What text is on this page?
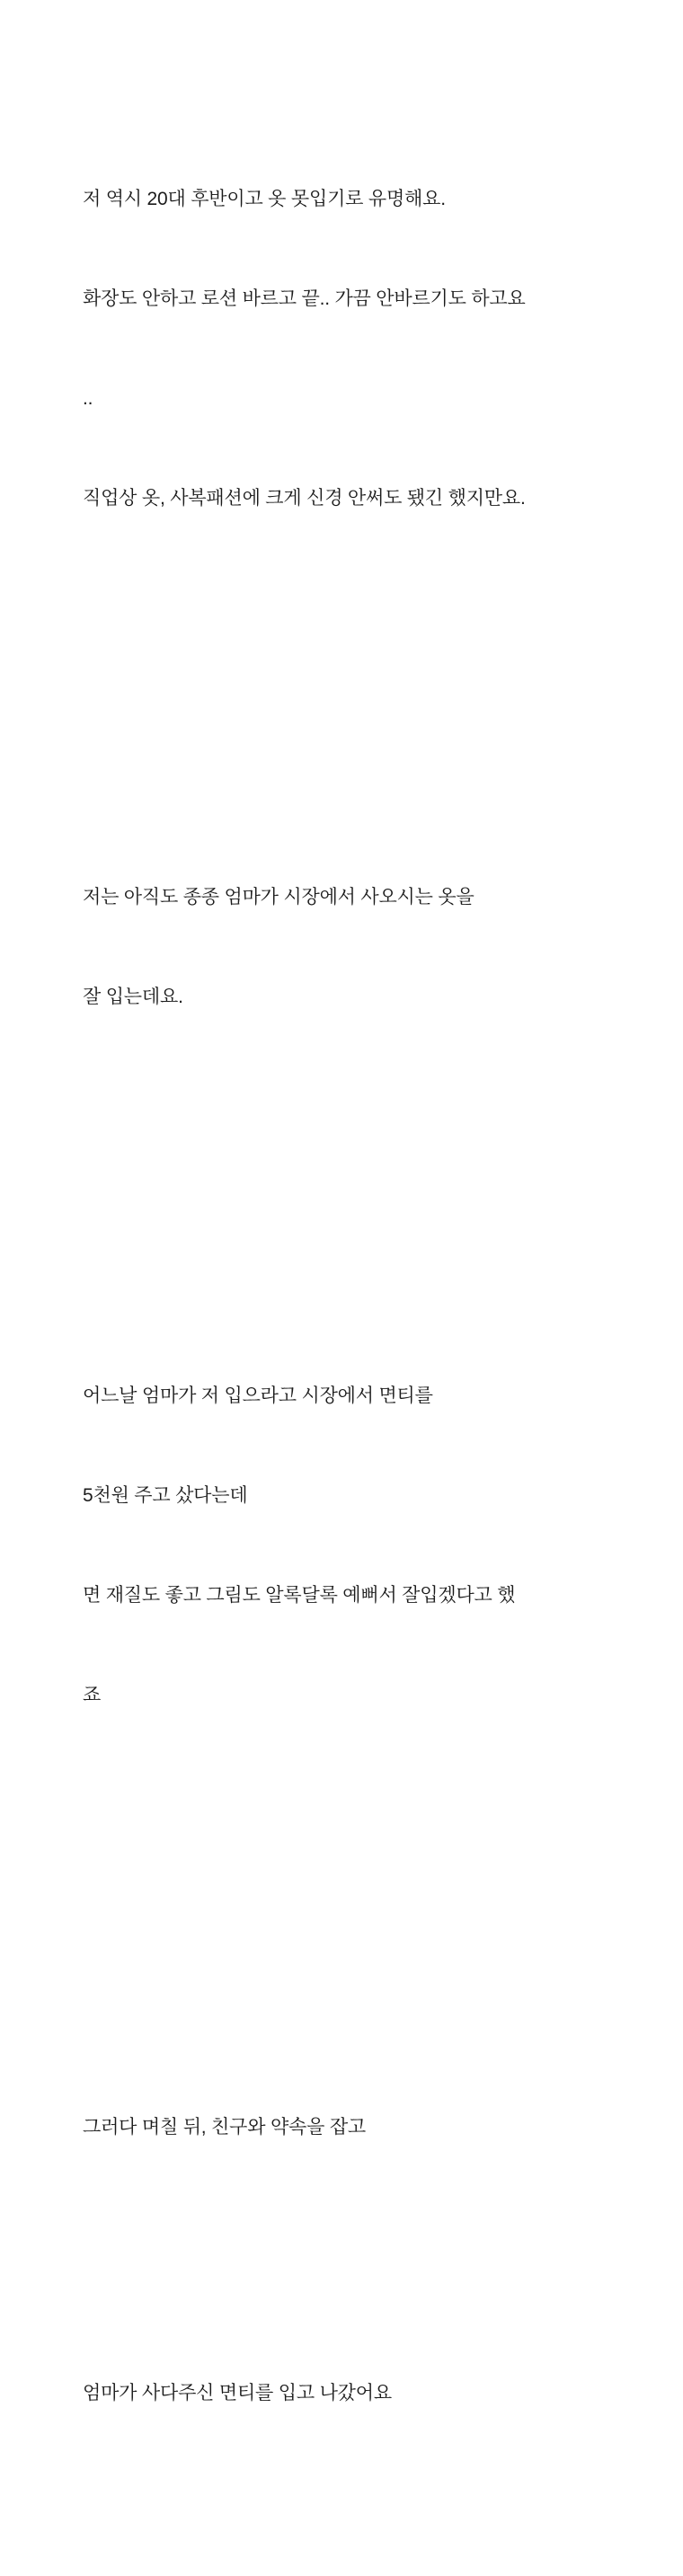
저 역시 20대 후반이고 옷 못입기로 유명해요.

화장도 안하고 로션 바르고 끝.. 가끔 안바르기도 하고요

..

직업상 옷, 사복패션에 크게 신경 안써도 됐긴 했지만요.

저는 아직도 종종 엄마가 시장에서 사오시는 옷을

잘 입는데요.

어느날 엄마가 저 입으라고 시장에서 면티를

5천원 주고 샀다는데

면 재질도 좋고 그림도 알록달록 예뻐서 잘입겠다고 했

죠

그러다 며칠 뒤, 친구와 약속을 잡고

엄마가 사다주신 면티를 입고 나갔어요
